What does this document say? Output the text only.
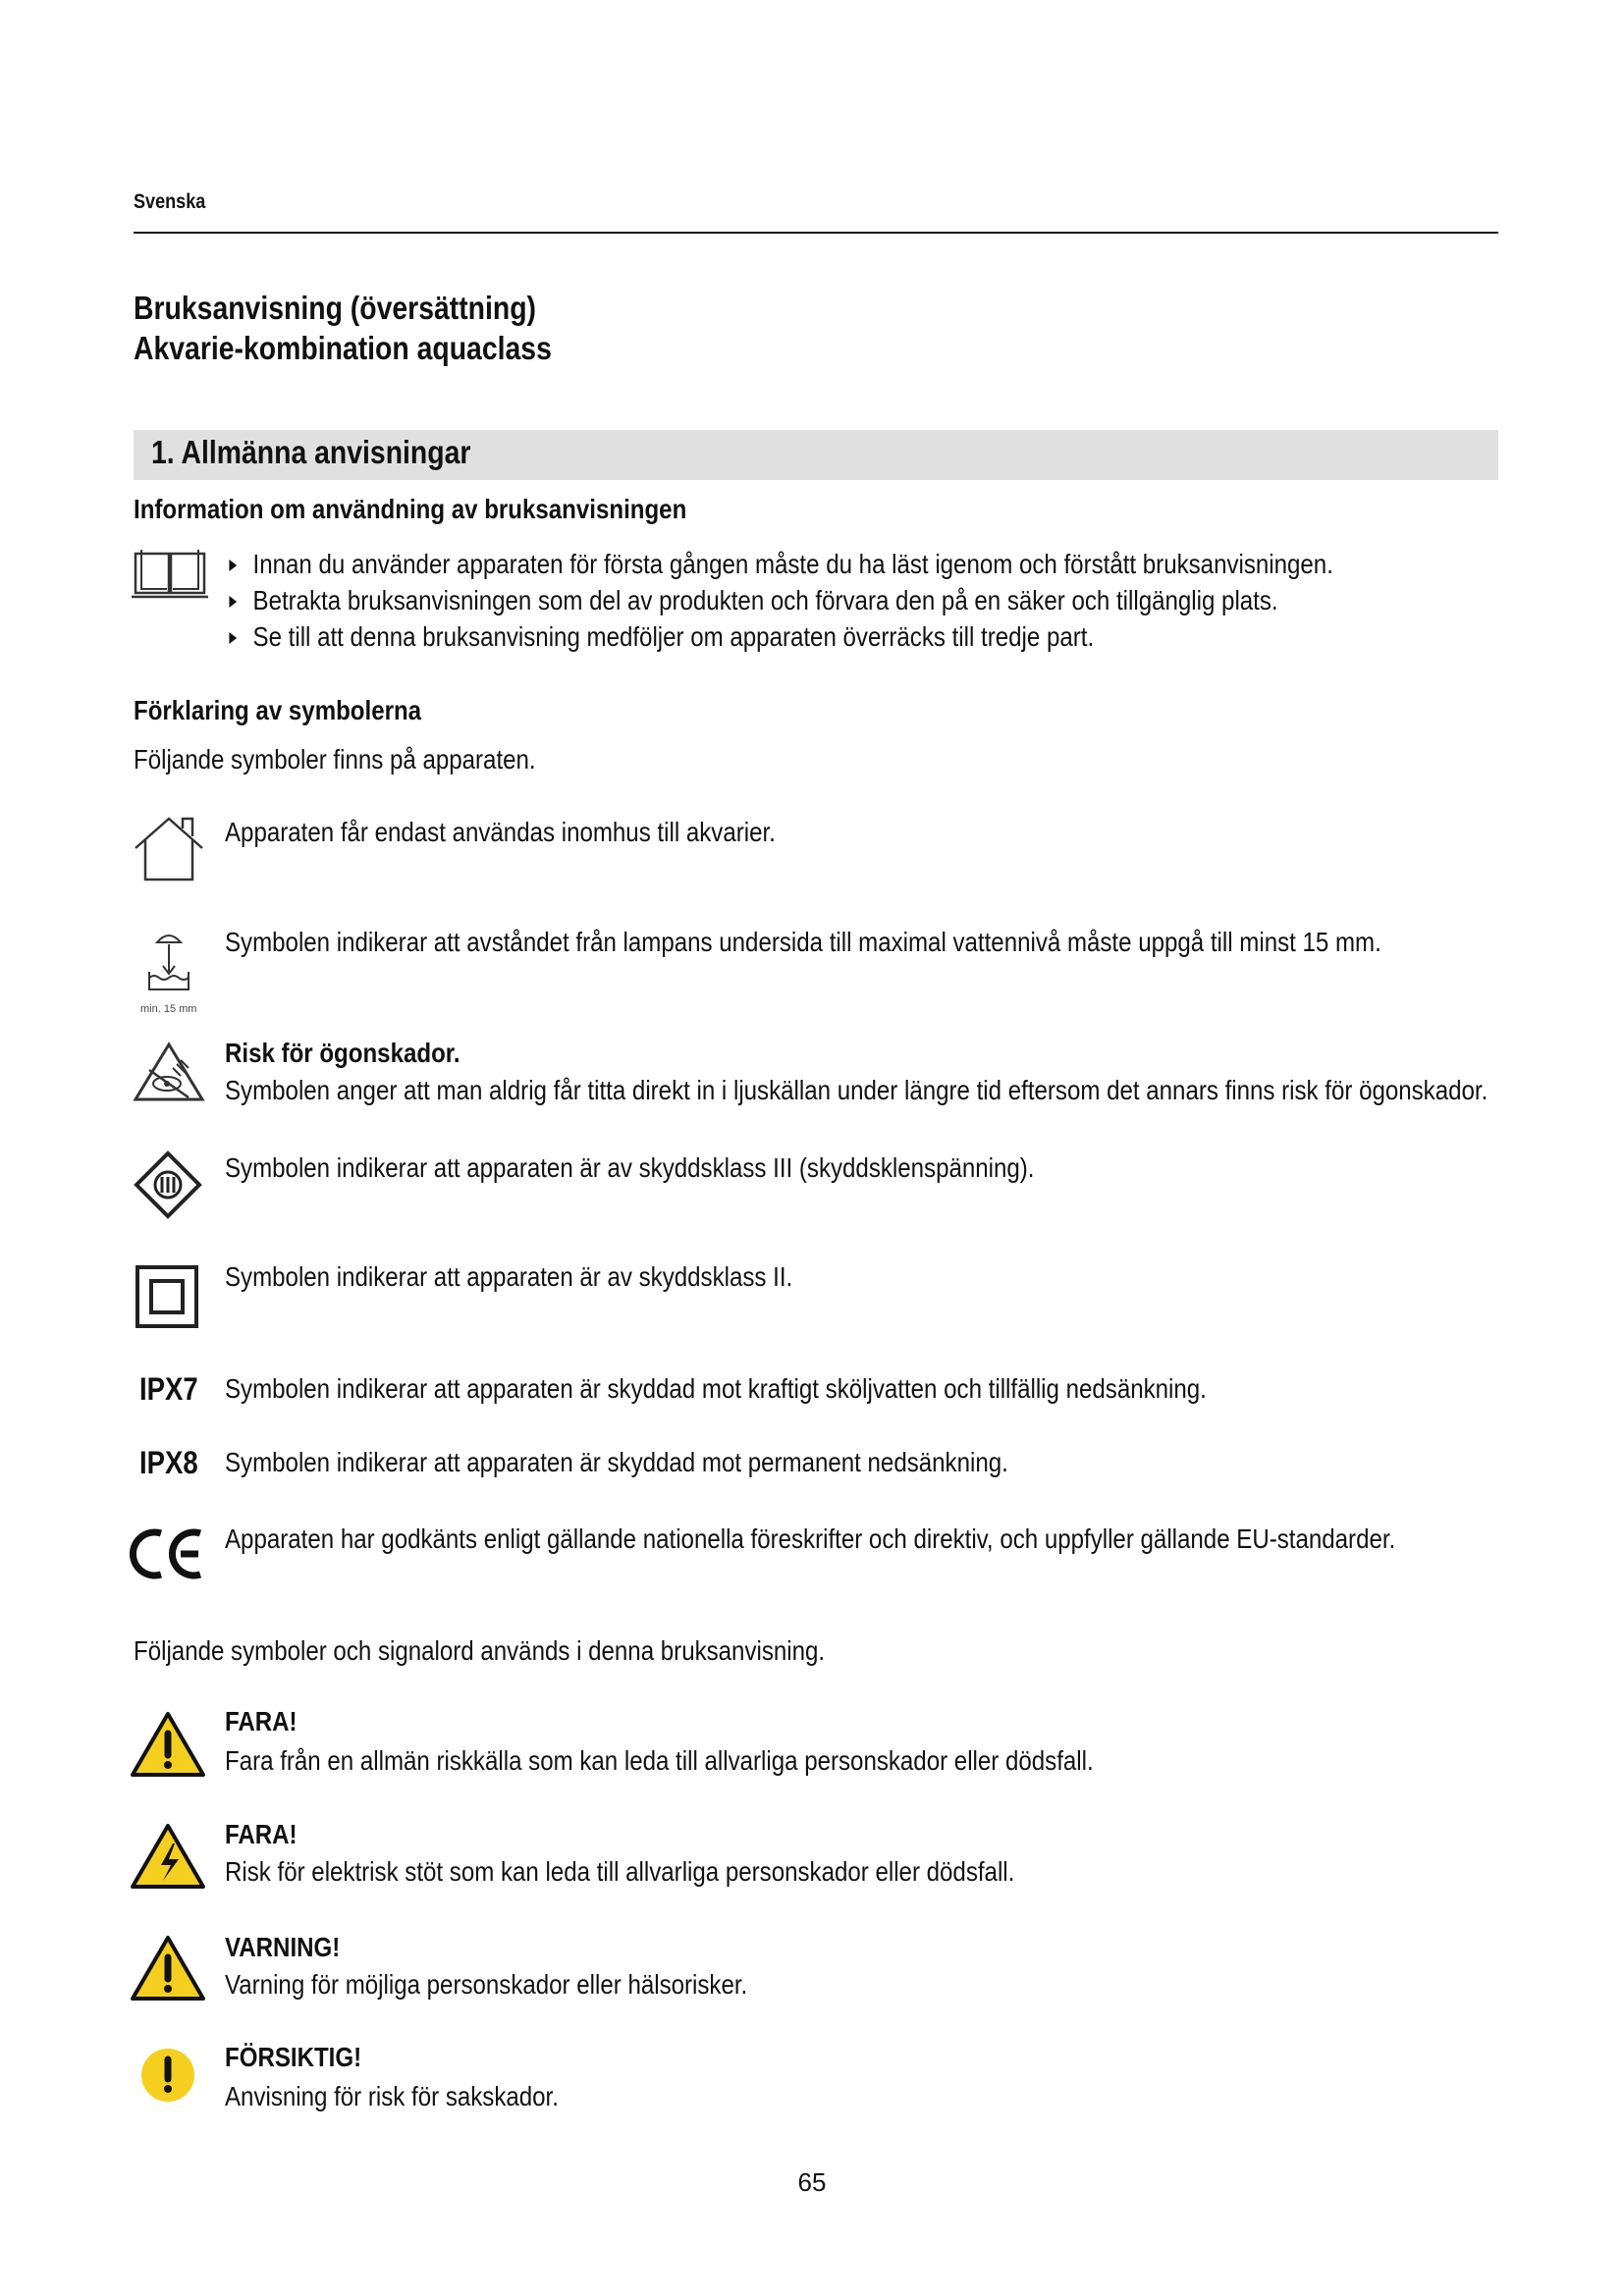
Svenska
Bruksanvisning (översättning)
Akvarie-kombination aquaclass
1. Allmänna anvisningar
Information om användning av bruksanvisningen
Innan du använder apparaten för första gången måste du ha läst igenom och förstått bruksanvisningen.
Betrakta bruksanvisningen som del av produkten och förvara den på en säker och tillgänglig plats.
Se till att denna bruksanvisning medföljer om apparaten överräcks till tredje part.
Förklaring av symbolerna
Följande symboler finns på apparaten.
Apparaten får endast användas inomhus till akvarier.
min. 15 mm
Symbolen indikerar att avståndet från lampans undersida till maximal vattennivå måste uppgå till minst 15 mm.
Risk för ögonskador.
Symbolen anger att man aldrig får titta direkt in i ljuskällan under längre tid eftersom det annars finns risk för ögonskador.
Symbolen indikerar att apparaten är av skyddsklass III (skyddsklenspänning).
Symbolen indikerar att apparaten är av skyddsklass II.
IPX7 Symbolen indikerar att apparaten är skyddad mot kraftigt sköljvatten och tillfällig nedsänkning.
IPX8 Symbolen indikerar att apparaten är skyddad mot permanent nedsänkning.
Apparaten har godkänts enligt gällande nationella föreskrifter och direktiv, och uppfyller gällande EU-standarder.
Följande symboler och signalord används i denna bruksanvisning.
FARA!
Fara från en allmän riskkälla som kan leda till allvarliga personskador eller dödsfall.
FARA!
Risk för elektrisk stöt som kan leda till allvarliga personskador eller dödsfall.
VARNING!
Varning för möjliga personskador eller hälsorisker.
FÖRSIKTIG!
Anvisning för risk för sakskador.
65
